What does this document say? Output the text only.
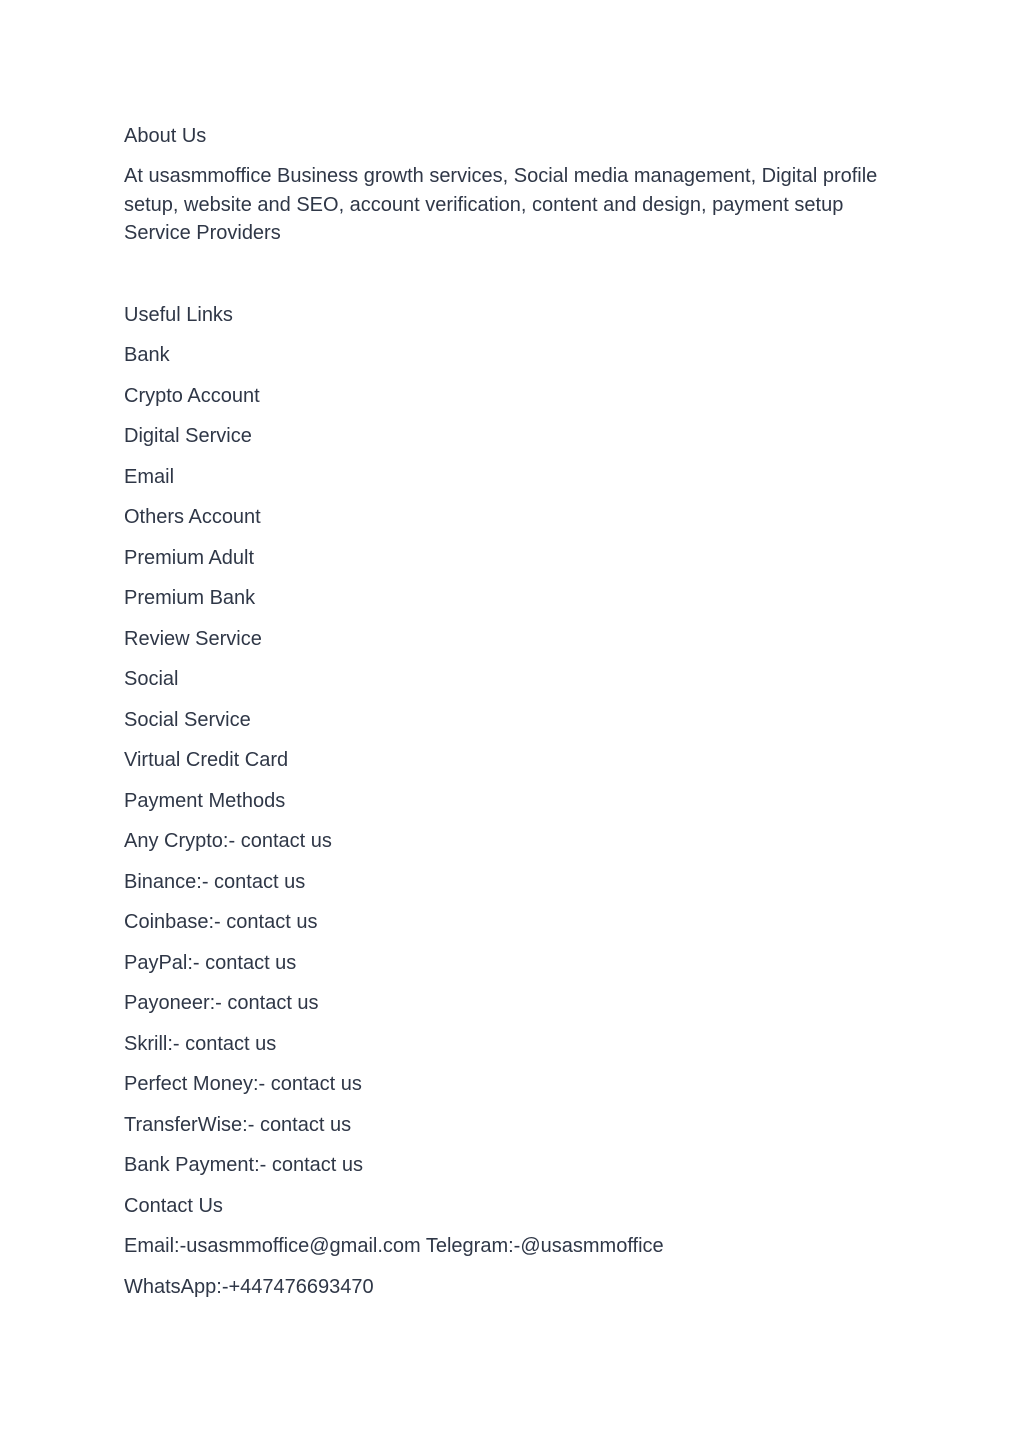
About Us

At usasmmoffice Business growth services, Social media management, Digital profile setup, website and SEO, account verification, content and design, payment setup Service Providers

Useful Links

Bank

Crypto Account

Digital Service

Email

Others Account

Premium Adult

Premium Bank

Review Service

Social

Social Service

Virtual Credit Card

Payment Methods

Any Crypto:- contact us

Binance:- contact us

Coinbase:- contact us

PayPal:- contact us

Payoneer:- contact us

Skrill:- contact us

Perfect Money:- contact us

TransferWise:- contact us

Bank Payment:- contact us

Contact Us

Email:-usasmmoffice@gmail.com Telegram:-@usasmmoffice

WhatsApp:-+447476693470
